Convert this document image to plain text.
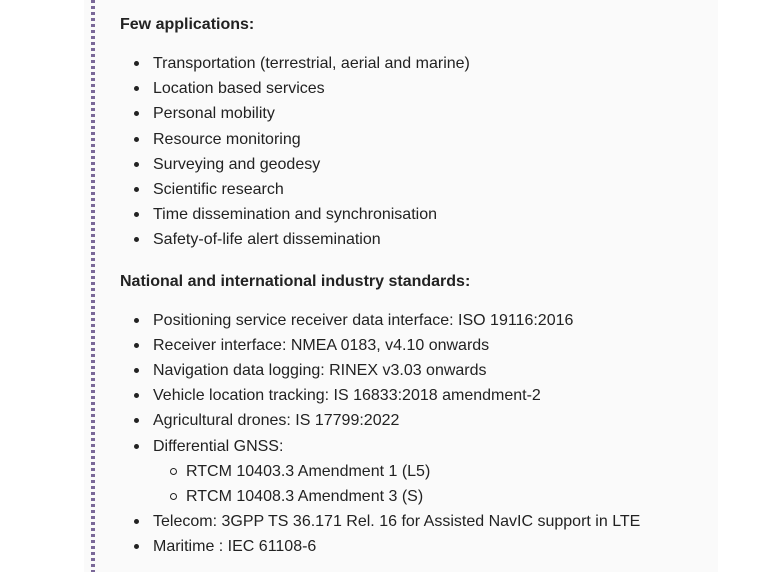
Few applications:
Transportation (terrestrial, aerial and marine)
Location based services
Personal mobility
Resource monitoring
Surveying and geodesy
Scientific research
Time dissemination and synchronisation
Safety-of-life alert dissemination
National and international industry standards:
Positioning service receiver data interface: ISO 19116:2016
Receiver interface: NMEA 0183, v4.10 onwards
Navigation data logging: RINEX v3.03 onwards
Vehicle location tracking: IS 16833:2018 amendment-2
Agricultural drones: IS 17799:2022
Differential GNSS:
RTCM 10403.3 Amendment 1 (L5)
RTCM 10408.3 Amendment 3 (S)
Telecom: 3GPP TS 36.171 Rel. 16 for Assisted NavIC support in LTE
Maritime : IEC 61108-6
